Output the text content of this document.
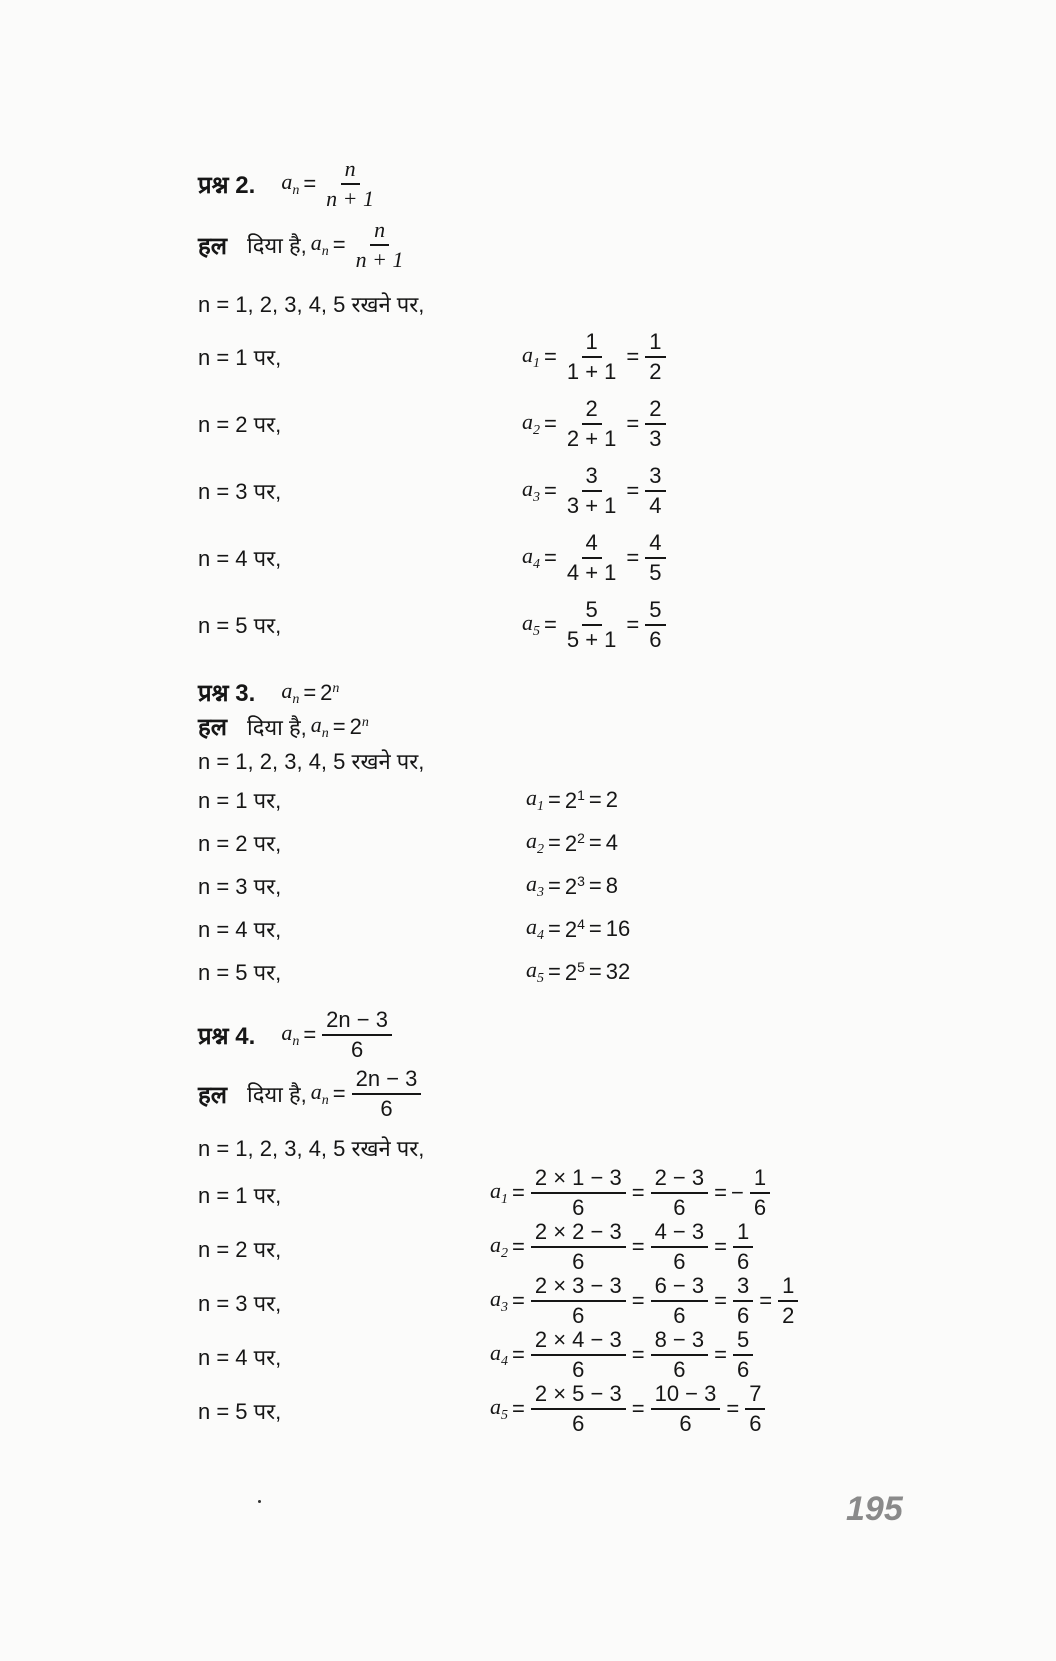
प्रश्न 2. $a_n = \frac{n}{n + 1}$
हल दिया है, $a_n = \frac{n}{n + 1}$
n = 1, 2, 3, 4, 5 रखने पर,
n = 1 पर,	$a_1 = \frac{1}{1 + 1} = \frac{1}{2}$
n = 2 पर,	$a_2 = \frac{2}{2 + 1} = \frac{2}{3}$
n = 3 पर,	$a_3 = \frac{3}{3 + 1} = \frac{3}{4}$
n = 4 पर,	$a_4 = \frac{4}{4 + 1} = \frac{4}{5}$
n = 5 पर,	$a_5 = \frac{5}{5 + 1} = \frac{5}{6}$
प्रश्न 3. $a_n = 2^n$
हल दिया है, $a_n = 2^n$
n = 1, 2, 3, 4, 5 रखने पर,
n = 1 पर,	$a_1 = 2^1 = 2$
n = 2 पर,	$a_2 = 2^2 = 4$
n = 3 पर,	$a_3 = 2^3 = 8$
n = 4 पर,	$a_4 = 2^4 = 16$
n = 5 पर,	$a_5 = 2^5 = 32$
प्रश्न 4. $a_n = \frac{2n - 3}{6}$
हल दिया है, $a_n = \frac{2n - 3}{6}$
n = 1, 2, 3, 4, 5 रखने पर,
n = 1 पर,	$a_1 = \frac{2 \times 1 - 3}{6} = \frac{2 - 3}{6}$ = − $\frac{1}{6}$
n = 2 पर,	$a_2 = \frac{2 \times 2 - 3}{6} = \frac{4 - 3}{6} = \frac{1}{6}$
n = 3 पर,	$a_3 = \frac{2 \times 3 - 3}{6} = \frac{6 - 3}{6} = \frac{3}{6} = \frac{1}{2}$
n = 4 पर,	$a_4 = \frac{2 \times 4 - 3}{6} = \frac{8 - 3}{6} = \frac{5}{6}$
n = 5 पर,	$a_5 = \frac{2 \times 5 - 3}{6} = \frac{10 - 3}{6} = \frac{7}{6}$
195
